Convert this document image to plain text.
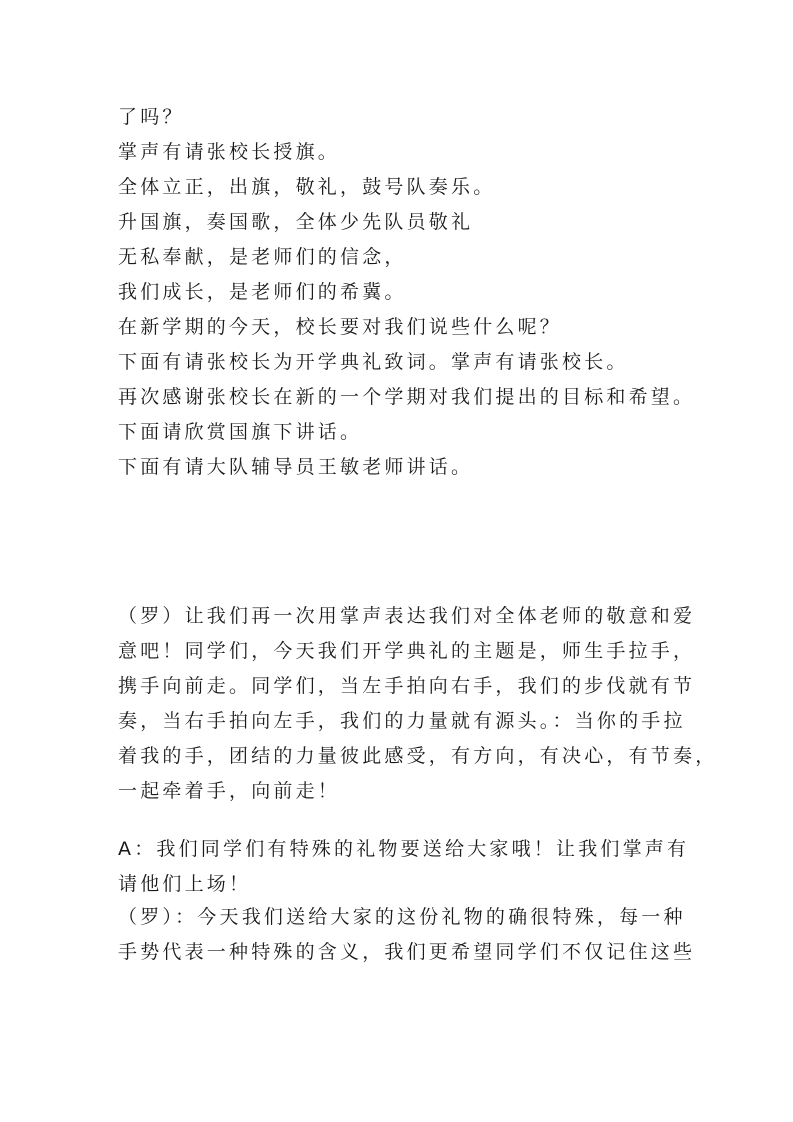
了吗？
掌声有请张校长授旗。
全体立正，出旗，敬礼，鼓号队奏乐。
升国旗，奏国歌，全体少先队员敬礼
无私奉献，是老师们的信念，
我们成长，是老师们的希冀。
在新学期的今天，校长要对我们说些什么呢？
下面有请张校长为开学典礼致词。掌声有请张校长。
再次感谢张校长在新的一个学期对我们提出的目标和希望。
下面请欣赏国旗下讲话。
下面有请大队辅导员王敏老师讲话。
（罗）让我们再一次用掌声表达我们对全体老师的敬意和爱
意吧！同学们，今天我们开学典礼的主题是，师生手拉手，
携手向前走。同学们，当左手拍向右手，我们的步伐就有节
奏，当右手拍向左手，我们的力量就有源头。：当你的手拉
着我的手，团结的力量彼此感受，有方向，有决心，有节奏，
一起牵着手，向前走！
A：我们同学们有特殊的礼物要送给大家哦！让我们掌声有
请他们上场！
（罗）：今天我们送给大家的这份礼物的确很特殊，每一种
手势代表一种特殊的含义，我们更希望同学们不仅记住这些
